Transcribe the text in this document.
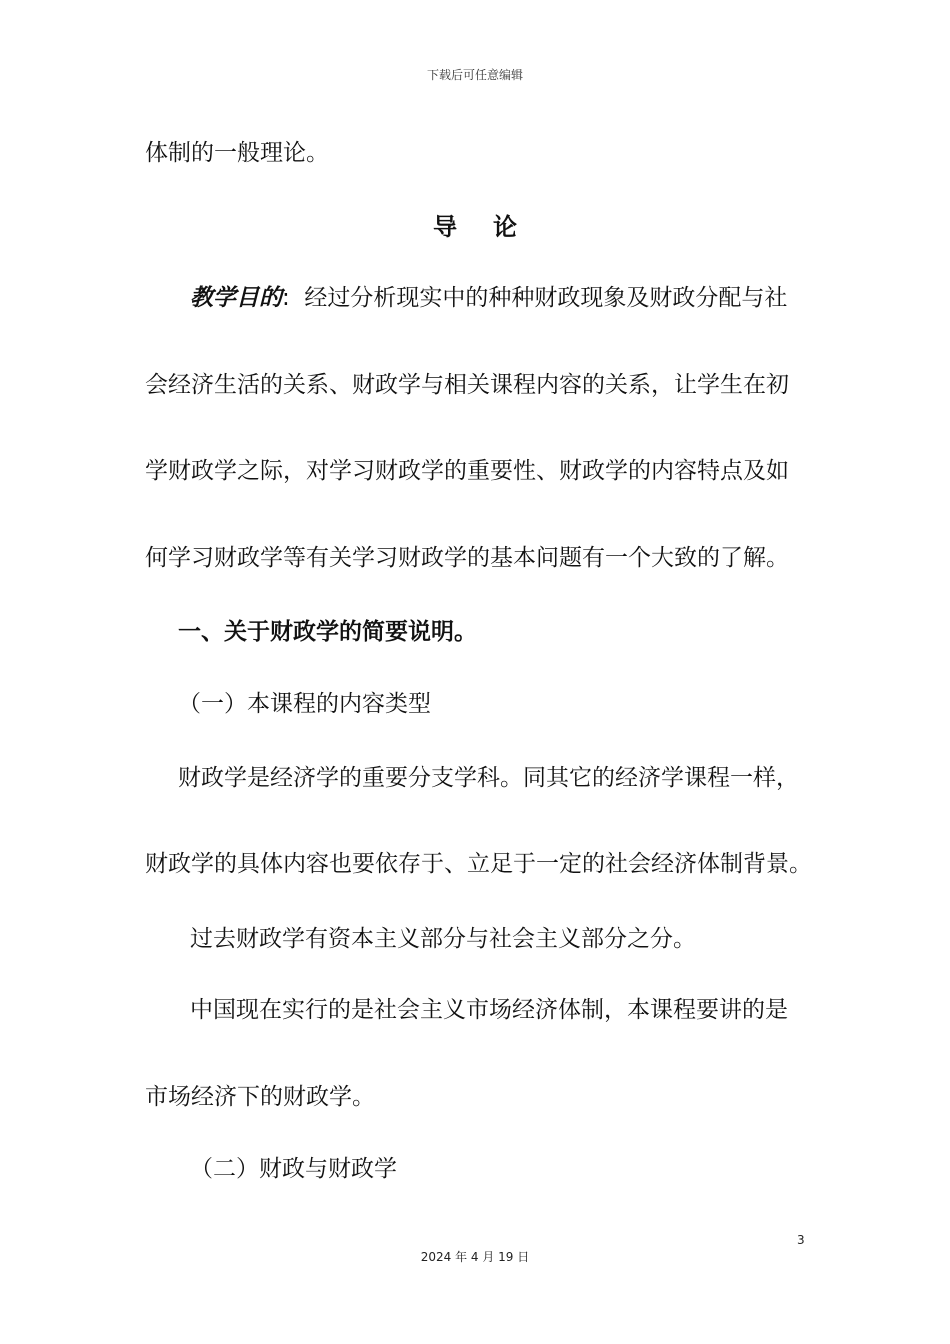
下载后可任意编辑
体制的一般理论。
导论
教学目的: 经过分析现实中的种种财政现象及财政分配与社
会经济生活的关系、财政学与相关课程内容的关系，让学生在初
学财政学之际，对学习财政学的重要性、财政学的内容特点及如
何学习财政学等有关学习财政学的基本问题有一个大致的了解。
一、关于财政学的简要说明。
（一）本课程的内容类型
财政学是经济学的重要分支学科。同其它的经济学课程一样，
财政学的具体内容也要依存于、立足于一定的社会经济体制背景。
过去财政学有资本主义部分与社会主义部分之分。
中国现在实行的是社会主义市场经济体制，本课程要讲的是
市场经济下的财政学。
（二）财政与财政学
3
2024 年 4 月 19 日
